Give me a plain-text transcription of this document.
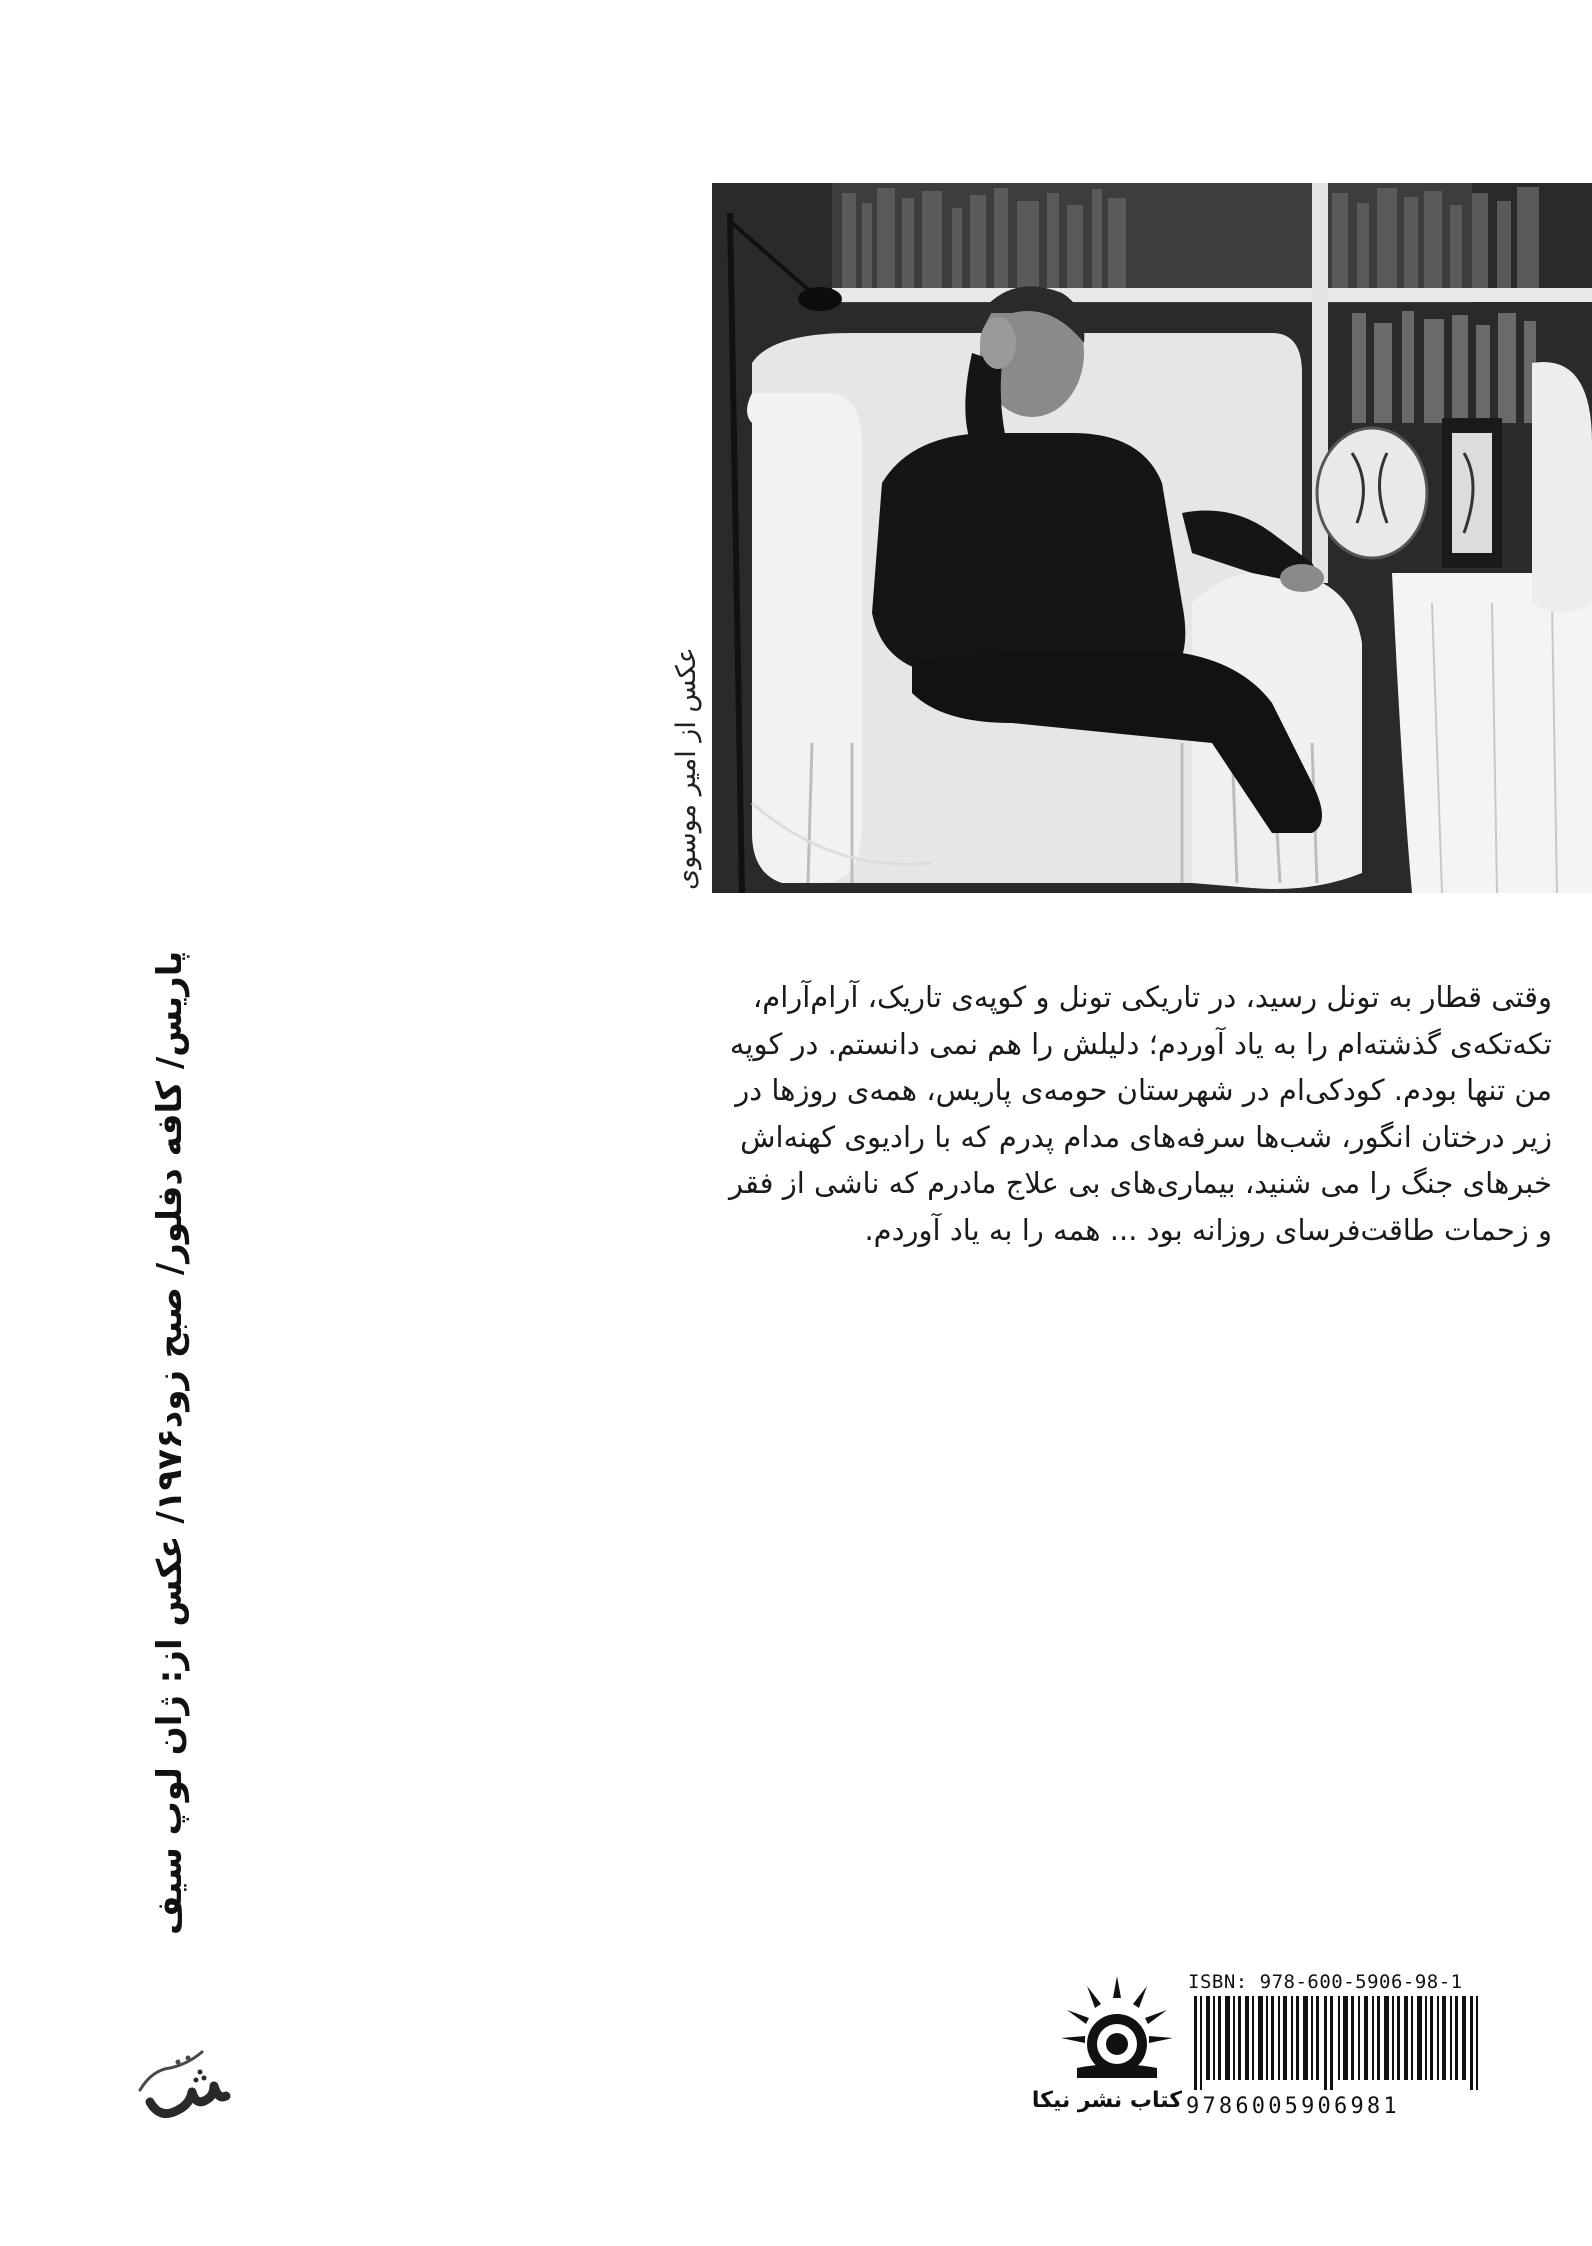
عکس از امیر موسوی
وقتی قطار به تونل رسید، در تاریکی تونل و کوپه‌ی تاریک، آرام‌آرام،
تکه‌تکه‌ی گذشته‌ام را به یاد آوردم؛ دلیلش را هم نمی دانستم. در کوپه
من تنها بودم. کودکی‌ام در شهرستان حومه‌ی پاریس، همه‌ی روزها در
زیر درختان انگور، شب‌ها سرفه‌های مدام پدرم که با رادیوی کهنه‌اش
خبرهای جنگ را می شنید، بیماری‌های بی علاج مادرم که ناشی از فقر
و زحمات طاقت‌فرسای روزانه بود ... همه را به یاد آوردم.
پاریس/ کافه دفلور/ صبح زود۱۹۷۶/ عکس از: ژان لوپ سیف
کتاب نشر نیکا
ISBN: 978-600-5906-98-1
9786005906981
